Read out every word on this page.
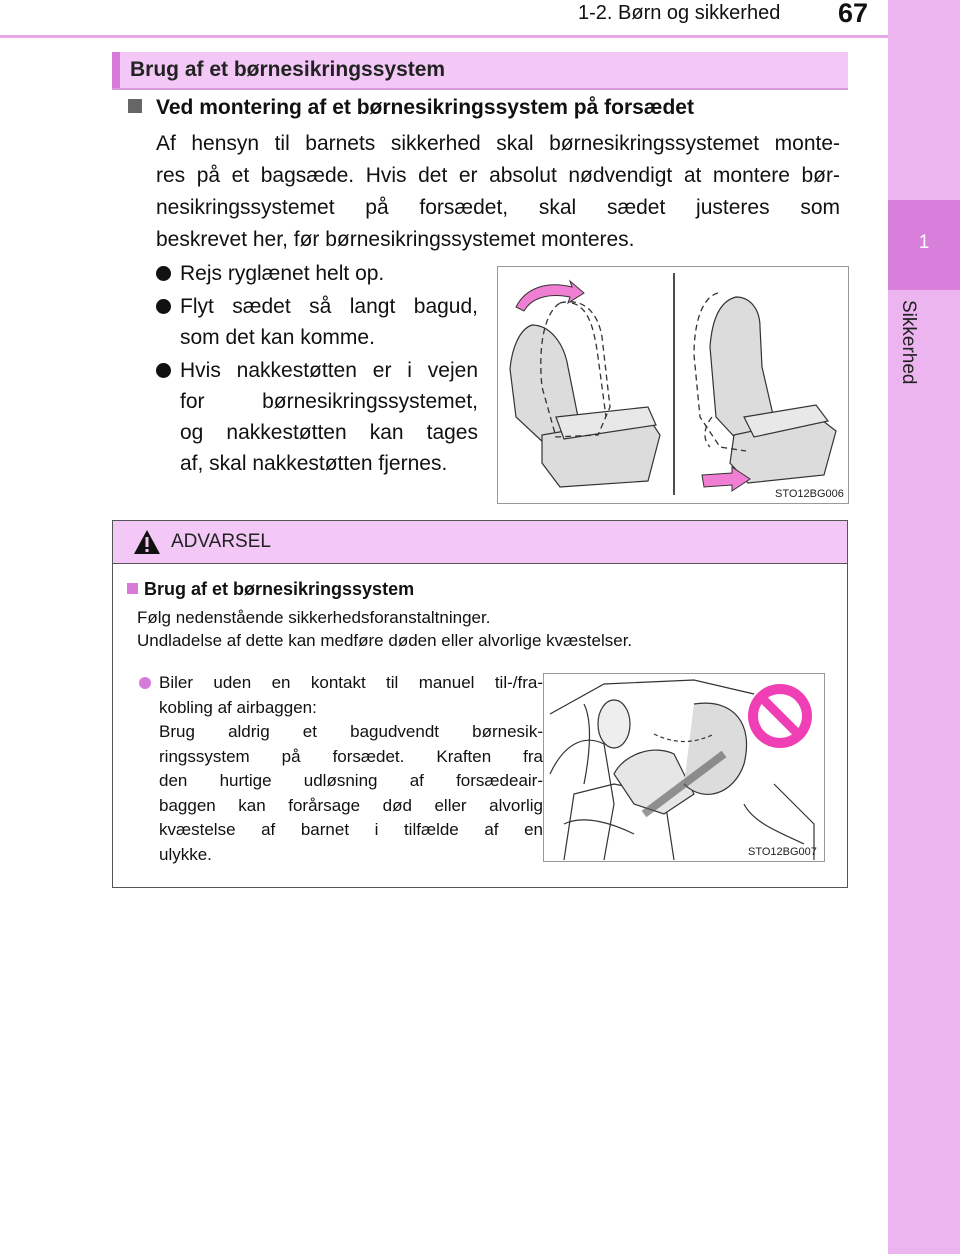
1-2. Børn og sikkerhed 67
1
Sikkerhed
Brug af et børnesikringssystem
Ved montering af et børnesikringssystem på forsædet
Af hensyn til barnets sikkerhed skal børnesikringssystemet monte-
res på et bagsæde. Hvis det er absolut nødvendigt at montere bør-
nesikringssystemet på forsædet, skal sædet justeres som
beskrevet her, før børnesikringssystemet monteres.
Rejs ryglænet helt op.
Flyt sædet så langt bagud,
som det kan komme.
Hvis nakkestøtten er i vejen
for børnesikringssystemet,
og nakkestøtten kan tages
af, skal nakkestøtten fjernes.
STO12BG006
ADVARSEL
Brug af et børnesikringssystem
Følg nedenstående sikkerhedsforanstaltninger.
Undladelse af dette kan medføre døden eller alvorlige kvæstelser.
Biler uden en kontakt til manuel til-/fra-
kobling af airbaggen:
Brug aldrig et bagudvendt børnesik-
ringssystem på forsædet. Kraften fra
den hurtige udløsning af forsædeair-
baggen kan forårsage død eller alvorlig
kvæstelse af barnet i tilfælde af en
ulykke.	STO12BG007
